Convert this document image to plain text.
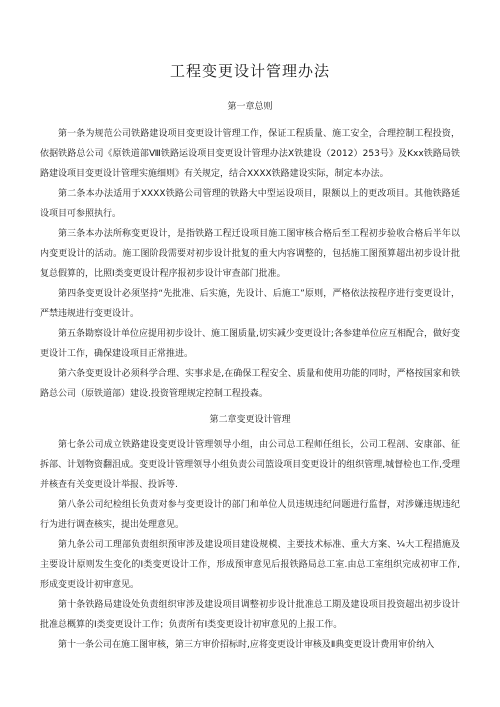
工程变更设计管理办法
第一章总则

第一条为规范公司铁路建设项目变更设计管理工作，保证工程质量、施工安全，合理控制工程投资，依据铁路总公司《原铁道部Ⅷ铁路运设项目变更设计管理办法X铁建设（2012）253号》及Kxx铁路局铁路建设项目变更设计管理实施细则》有关规定，结合XXXX铁路建设实际，制定本办法。

第二条本办法适用于XXXX铁路公司管理的铁路大中型运设项目，限额以上的更改项目。其他铁路延设项目可参照执行。

第三条本办法所称变更设计，是指铁路工程迁设项目施工图审核合格后至工程初步验收合格后半年以内变更设计的活动。施工图阶段需要对初步设计批复的重大内容调整的，包括施工图预算超出初步设计批复总假算的，比照Ⅰ类变更设计程序报初步设计审查部门批准。

第四条变更设计必须坚持“先批准、后实施，先设计、后施工”原则，严格依法按程序进行变更设计，严禁违规进行变更设计。

第五条勘察设计单位应提用初步设计、施工图质量,切实减少变更设计;各参建单位应互相配合，做好变更设计工作，确保建设项目正常推进。

第六条变更设计必须科学合理、实事求是,在确保工程安全、质量和使用功能的同时，严格按国家和铁路总公司（原铁道部）建设.投资管理规定控制工程投森。

第二章变更设计管理

第七条公司成立铁路建设变更设计管理领导小组，由公司总工程师任组长，公司工程剖、安康部、征拆部、计划物资翻沮成。变更设计管理领导小组负责公司篮设项目变更设计的组织管理,城督检也工作,受理并核查有关变更设计举报、投诉等.

第八条公司纪检组长负责对参与变更设计的部门和单位人员违规违纪问题进行监督，对涉嫌违规违纪行为进行调查核实，提出处理意见。

第九条公司工理部负责组织预审涉及建设项目建设规模、主要技术标准、重大方案、¼大工程措施及主要设计原则发生变化的Ⅰ类变更设计工作，形成预审意见后报铁路局总工室.由总工室组织完成初审工作,形成变更设计初审意见。

第十条铁路局建设处负责组织审涉及建设项目调整初步设计批准总工期及建设项目投资超出初步设计批准总概算的Ⅰ类变更设计工作；负责所有Ⅰ类变更设计初审意见的上报工作。

第十一条公司在施工图审核，第三方审价招标时,应将变更设计审核及Ⅱ典变更设计费用审价纳入
